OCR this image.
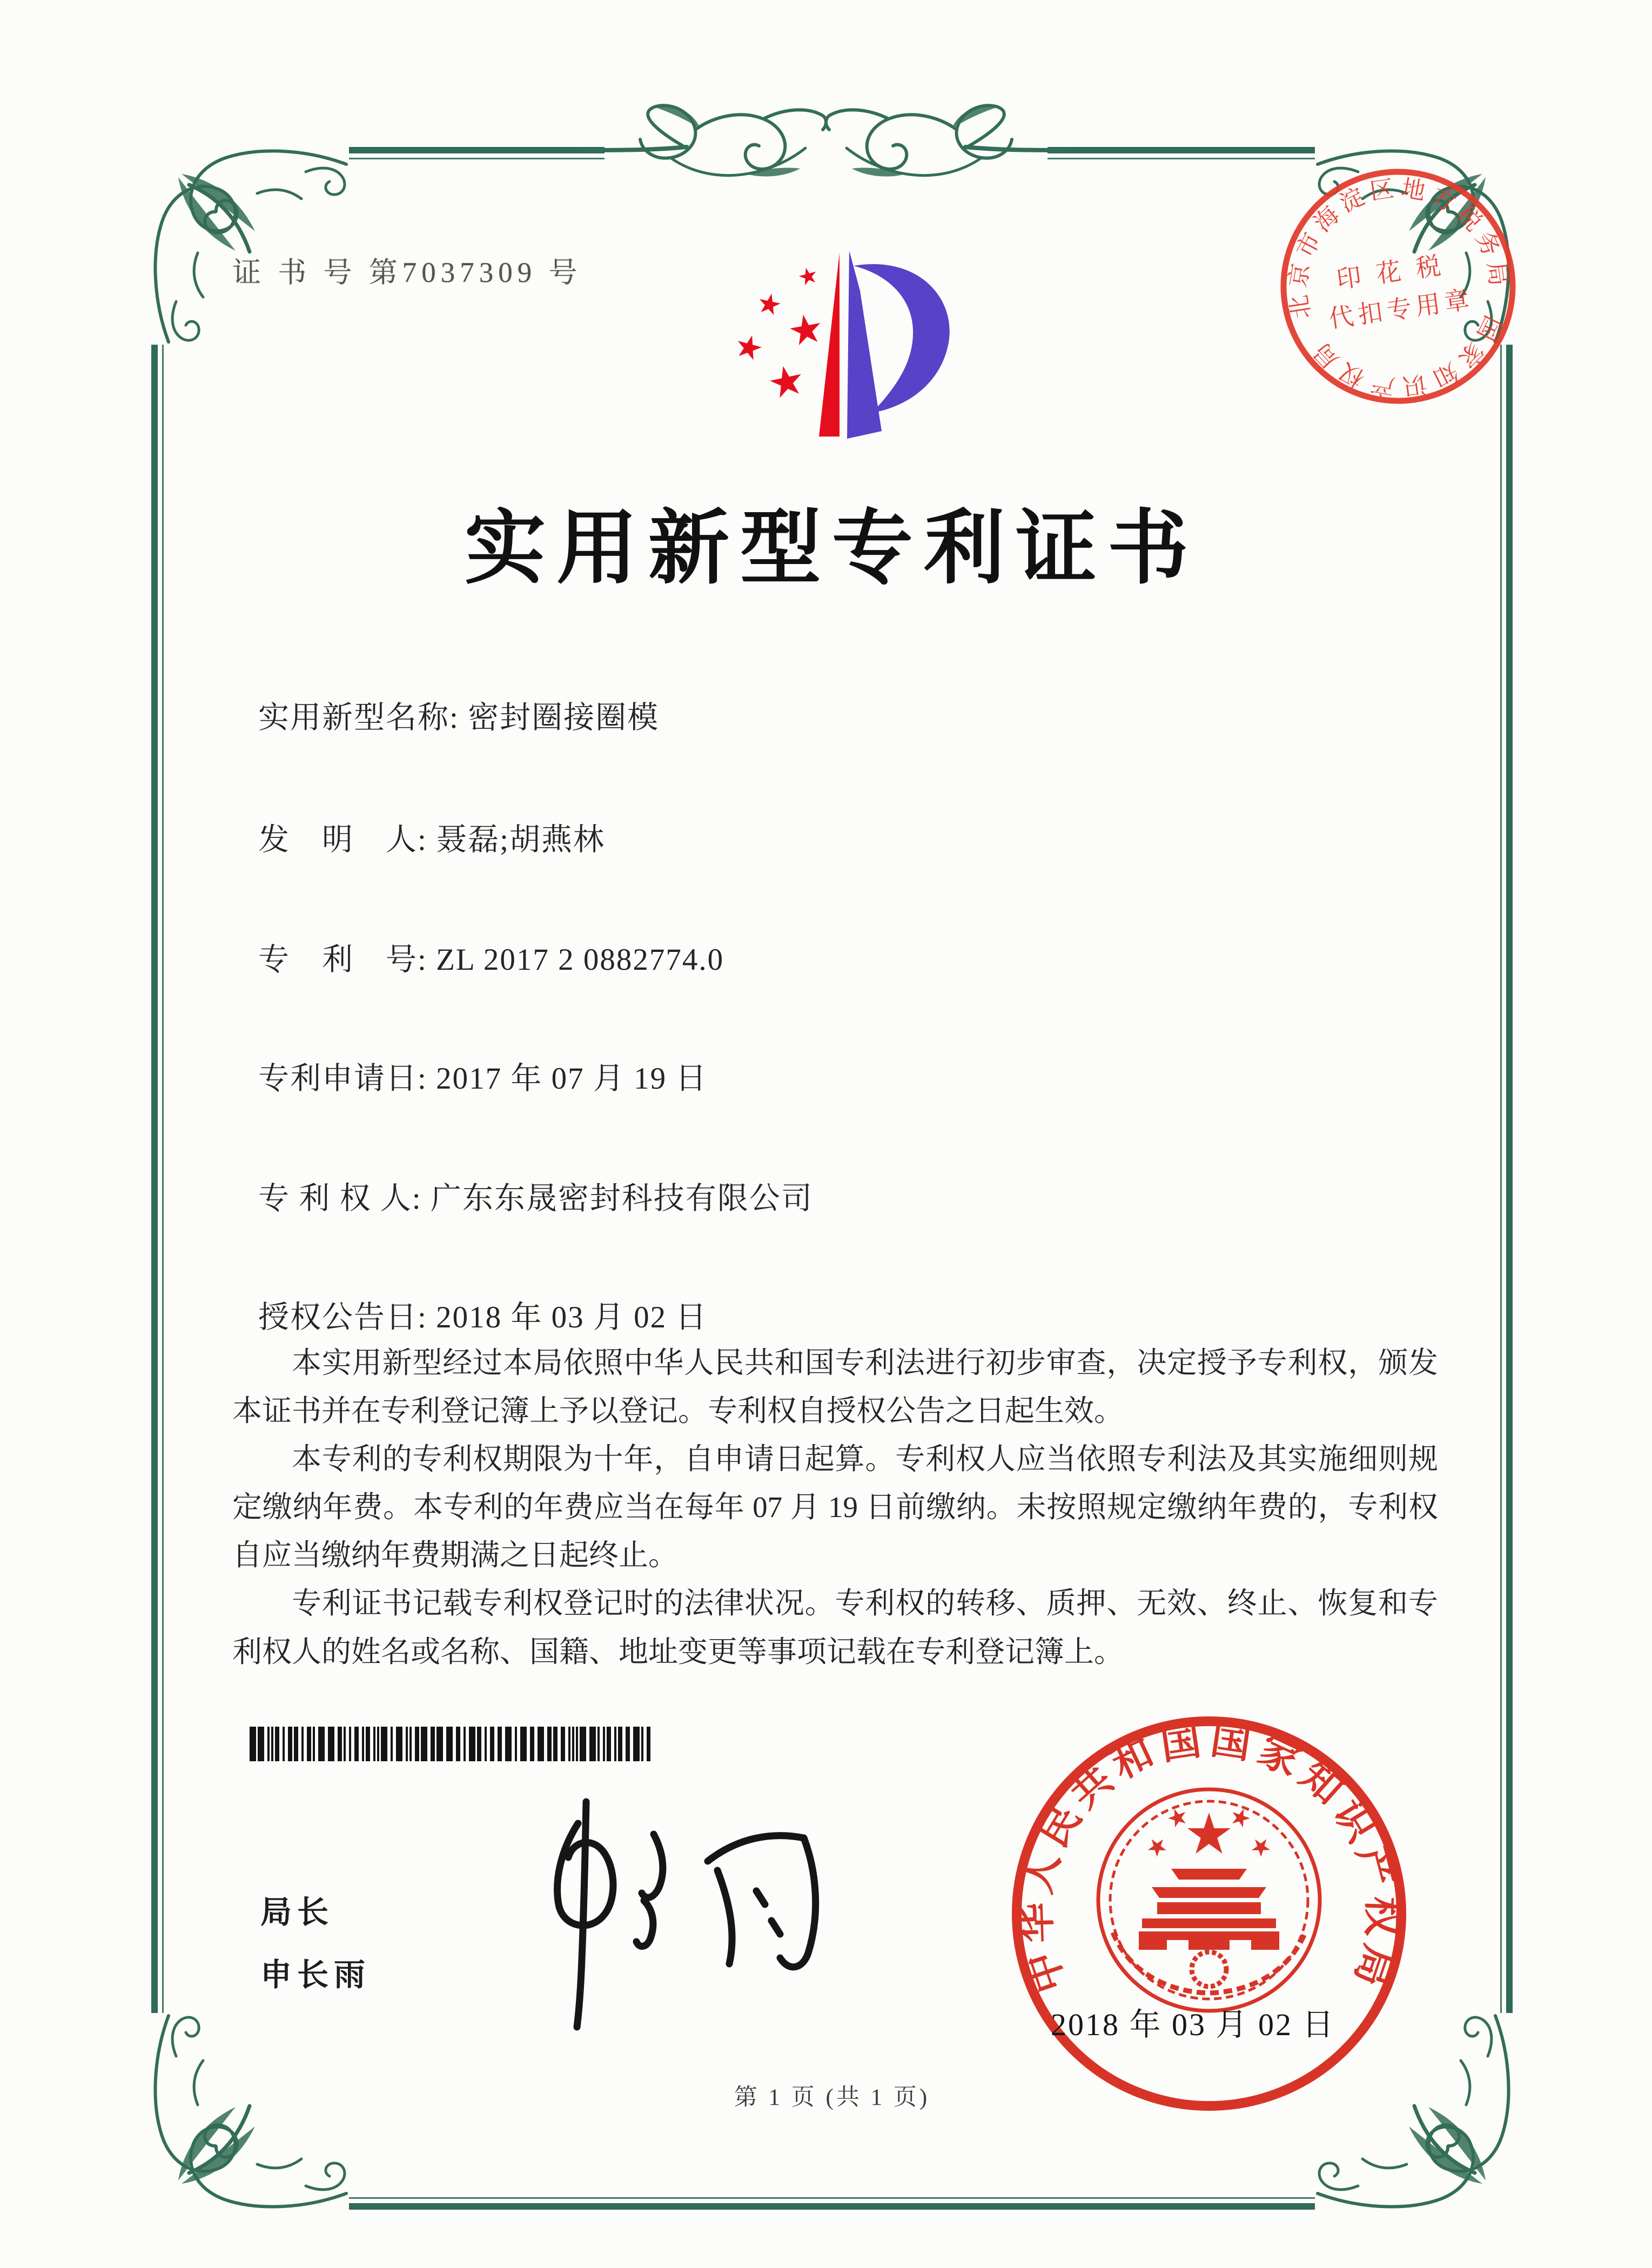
证 书 号 第7037309 号
北京市海淀区地方税务局
国家知识产权局
印花税
代扣专用章
实用新型专利证书
实用新型名称: 密封圈接圈模
发　明　人: 聂磊;胡燕林
专　利　号: ZL 2017 2 0882774.0
专利申请日: 2017 年 07 月 19 日
专 利 权 人: 广东东晟密封科技有限公司
授权公告日: 2018 年 03 月 02 日

本实用新型经过本局依照中华人民共和国专利法进行初步审查，决定授予专利权，颁发本证书并在专利登记簿上予以登记。专利权自授权公告之日起生效。

本专利的专利权期限为十年，自申请日起算。专利权人应当依照专利法及其实施细则规定缴纳年费。本专利的年费应当在每年 07 月 19 日前缴纳。未按照规定缴纳年费的，专利权自应当缴纳年费期满之日起终止。

专利证书记载专利权登记时的法律状况。专利权的转移、质押、无效、终止、恢复和专利权人的姓名或名称、国籍、地址变更等事项记载在专利登记簿上。

局长
申长雨	中华人民共和国国家知识产权局
2018 年 03 月 02 日
第 1 页 (共 1 页)
